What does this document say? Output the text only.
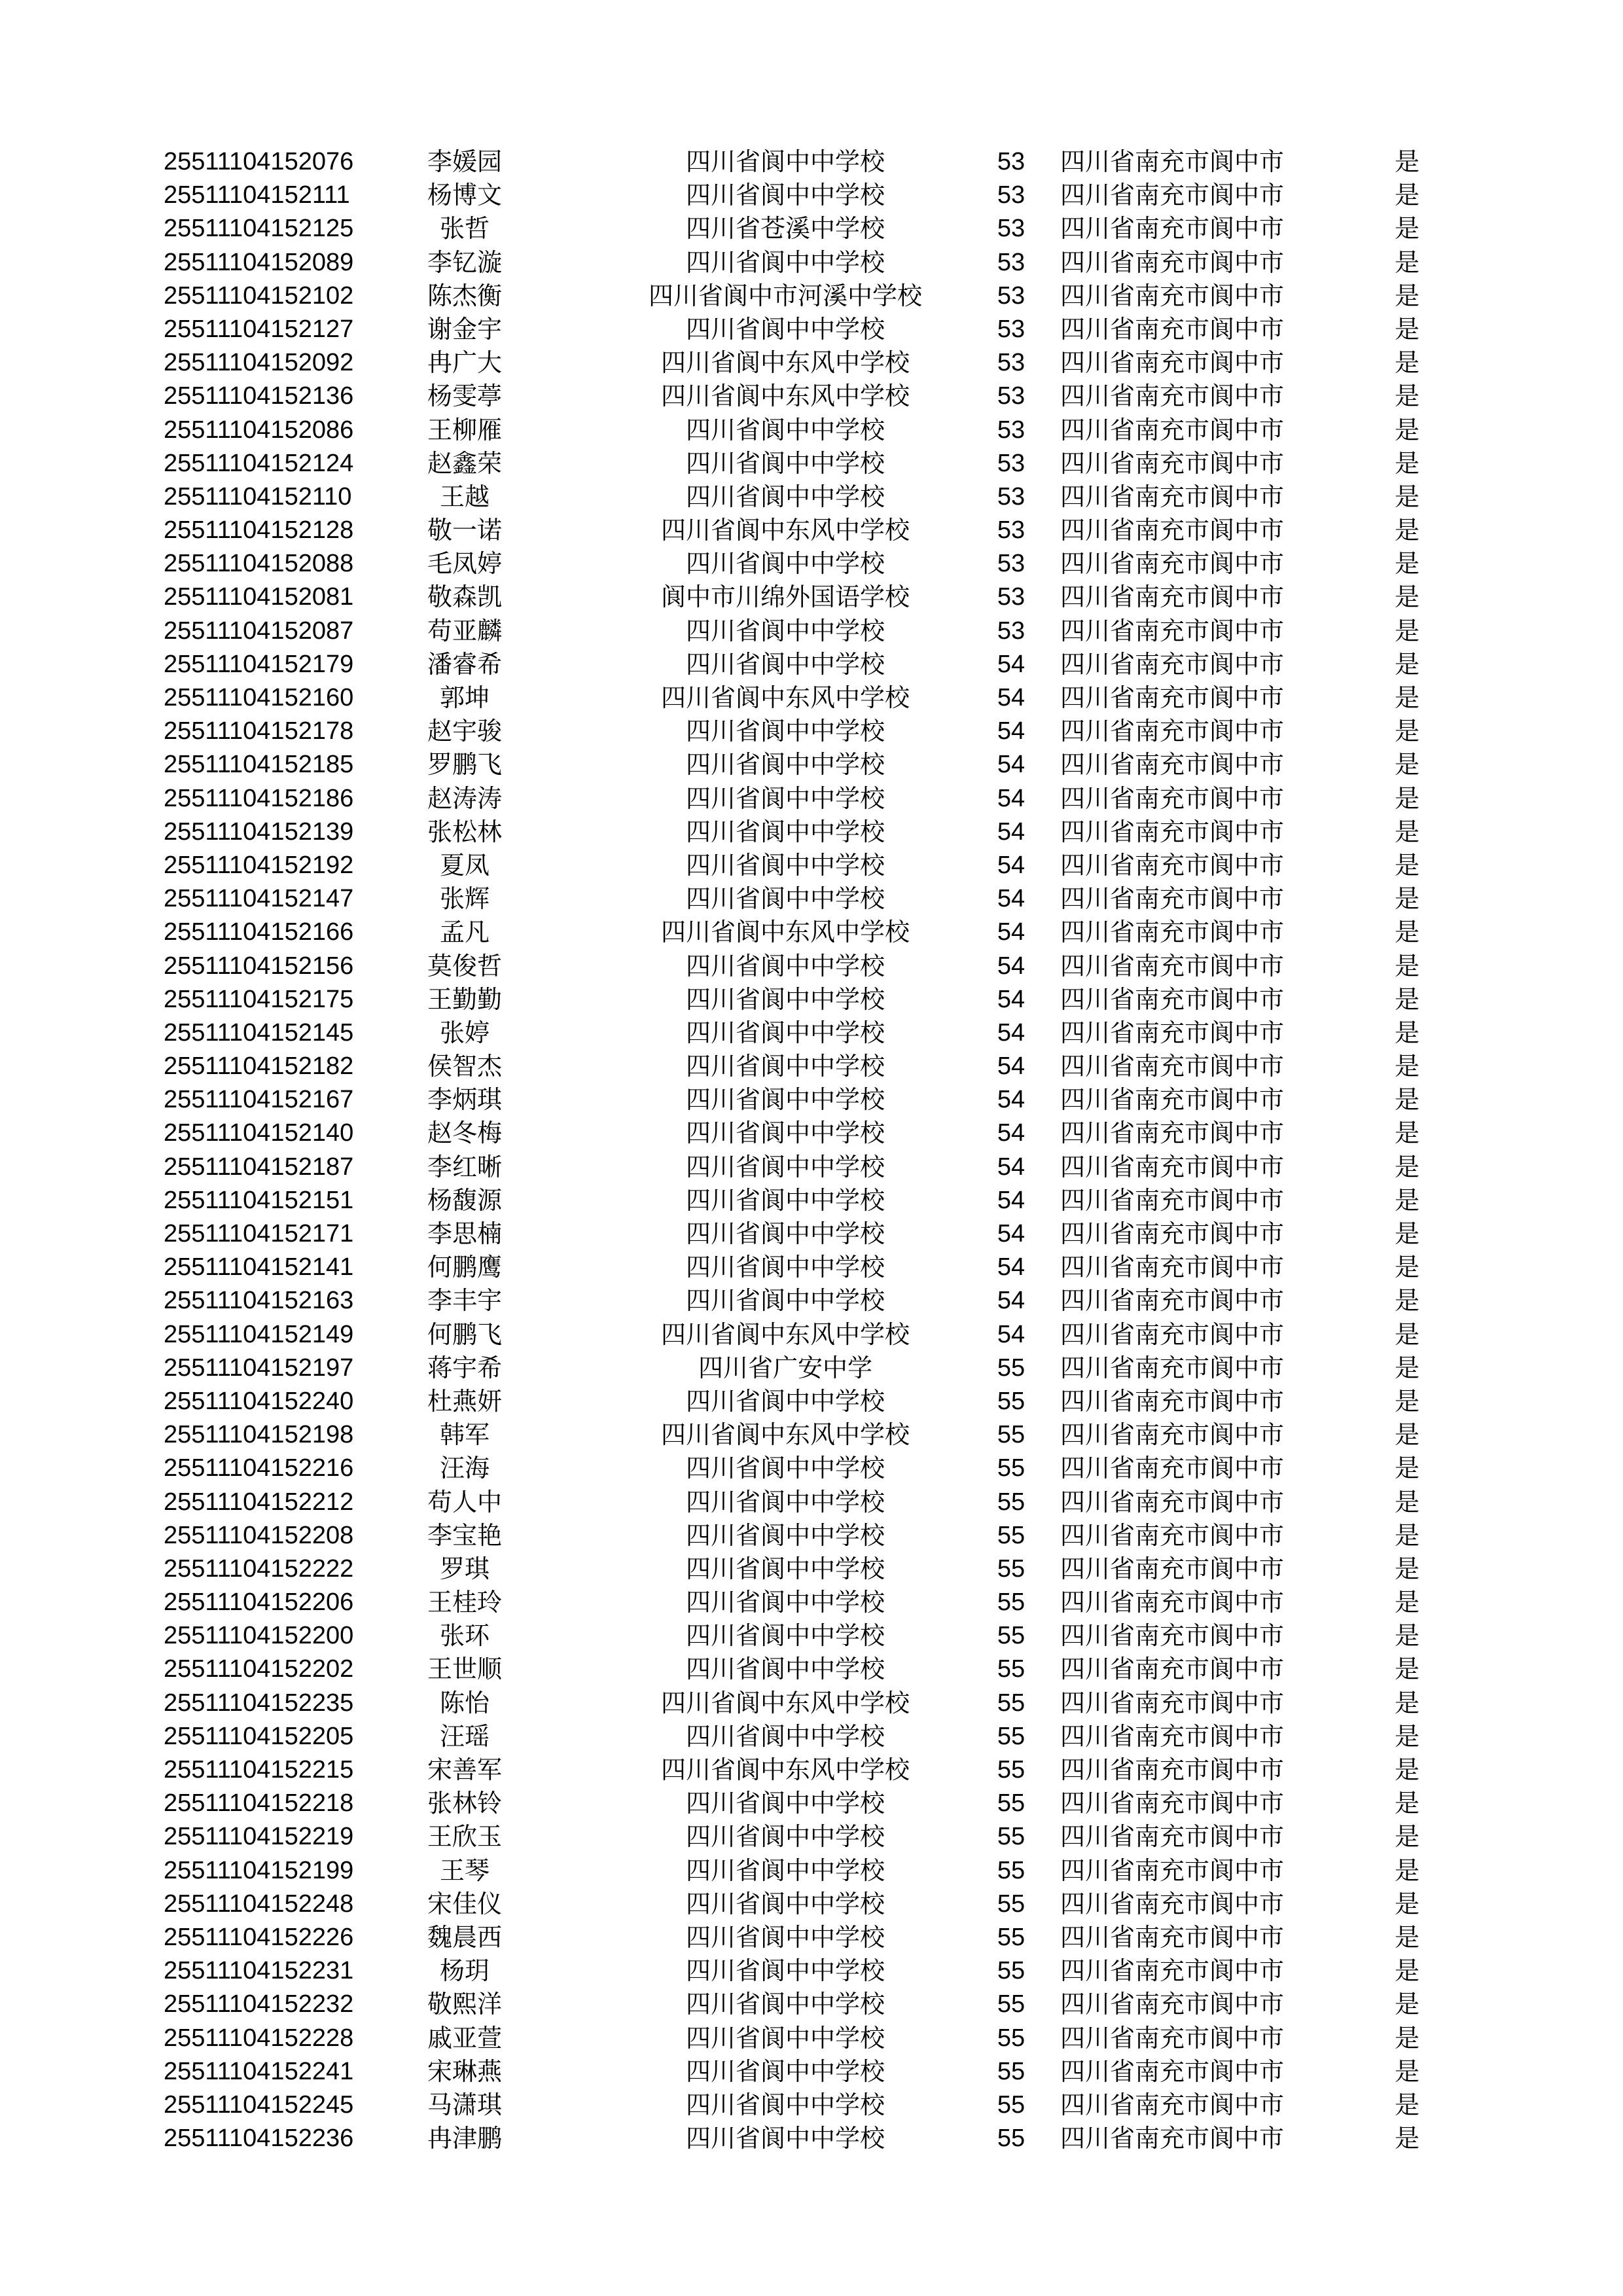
25511104152076	李媛园	四川省阆中中学校	53	四川省南充市阆中市	是
25511104152111	杨博文	四川省阆中中学校	53	四川省南充市阆中市	是
25511104152125	张哲	四川省苍溪中学校	53	四川省南充市阆中市	是
25511104152089	李钇漩	四川省阆中中学校	53	四川省南充市阆中市	是
25511104152102	陈杰衡	四川省阆中市河溪中学校	53	四川省南充市阆中市	是
25511104152127	谢金宇	四川省阆中中学校	53	四川省南充市阆中市	是
25511104152092	冉广大	四川省阆中东风中学校	53	四川省南充市阆中市	是
25511104152136	杨雯葶	四川省阆中东风中学校	53	四川省南充市阆中市	是
25511104152086	王柳雁	四川省阆中中学校	53	四川省南充市阆中市	是
25511104152124	赵鑫荣	四川省阆中中学校	53	四川省南充市阆中市	是
25511104152110	王越	四川省阆中中学校	53	四川省南充市阆中市	是
25511104152128	敬一诺	四川省阆中东风中学校	53	四川省南充市阆中市	是
25511104152088	毛凤婷	四川省阆中中学校	53	四川省南充市阆中市	是
25511104152081	敬森凯	阆中市川绵外国语学校	53	四川省南充市阆中市	是
25511104152087	苟亚麟	四川省阆中中学校	53	四川省南充市阆中市	是
25511104152179	潘睿希	四川省阆中中学校	54	四川省南充市阆中市	是
25511104152160	郭坤	四川省阆中东风中学校	54	四川省南充市阆中市	是
25511104152178	赵宇骏	四川省阆中中学校	54	四川省南充市阆中市	是
25511104152185	罗鹏飞	四川省阆中中学校	54	四川省南充市阆中市	是
25511104152186	赵涛涛	四川省阆中中学校	54	四川省南充市阆中市	是
25511104152139	张松林	四川省阆中中学校	54	四川省南充市阆中市	是
25511104152192	夏凤	四川省阆中中学校	54	四川省南充市阆中市	是
25511104152147	张辉	四川省阆中中学校	54	四川省南充市阆中市	是
25511104152166	孟凡	四川省阆中东风中学校	54	四川省南充市阆中市	是
25511104152156	莫俊哲	四川省阆中中学校	54	四川省南充市阆中市	是
25511104152175	王勤勤	四川省阆中中学校	54	四川省南充市阆中市	是
25511104152145	张婷	四川省阆中中学校	54	四川省南充市阆中市	是
25511104152182	侯智杰	四川省阆中中学校	54	四川省南充市阆中市	是
25511104152167	李炳琪	四川省阆中中学校	54	四川省南充市阆中市	是
25511104152140	赵冬梅	四川省阆中中学校	54	四川省南充市阆中市	是
25511104152187	李红晰	四川省阆中中学校	54	四川省南充市阆中市	是
25511104152151	杨馥源	四川省阆中中学校	54	四川省南充市阆中市	是
25511104152171	李思楠	四川省阆中中学校	54	四川省南充市阆中市	是
25511104152141	何鹏鹰	四川省阆中中学校	54	四川省南充市阆中市	是
25511104152163	李丰宇	四川省阆中中学校	54	四川省南充市阆中市	是
25511104152149	何鹏飞	四川省阆中东风中学校	54	四川省南充市阆中市	是
25511104152197	蒋宇希	四川省广安中学	55	四川省南充市阆中市	是
25511104152240	杜燕妍	四川省阆中中学校	55	四川省南充市阆中市	是
25511104152198	韩军	四川省阆中东风中学校	55	四川省南充市阆中市	是
25511104152216	汪海	四川省阆中中学校	55	四川省南充市阆中市	是
25511104152212	苟人中	四川省阆中中学校	55	四川省南充市阆中市	是
25511104152208	李宝艳	四川省阆中中学校	55	四川省南充市阆中市	是
25511104152222	罗琪	四川省阆中中学校	55	四川省南充市阆中市	是
25511104152206	王桂玲	四川省阆中中学校	55	四川省南充市阆中市	是
25511104152200	张环	四川省阆中中学校	55	四川省南充市阆中市	是
25511104152202	王世顺	四川省阆中中学校	55	四川省南充市阆中市	是
25511104152235	陈怡	四川省阆中东风中学校	55	四川省南充市阆中市	是
25511104152205	汪瑶	四川省阆中中学校	55	四川省南充市阆中市	是
25511104152215	宋善军	四川省阆中东风中学校	55	四川省南充市阆中市	是
25511104152218	张林铃	四川省阆中中学校	55	四川省南充市阆中市	是
25511104152219	王欣玉	四川省阆中中学校	55	四川省南充市阆中市	是
25511104152199	王琴	四川省阆中中学校	55	四川省南充市阆中市	是
25511104152248	宋佳仪	四川省阆中中学校	55	四川省南充市阆中市	是
25511104152226	魏晨西	四川省阆中中学校	55	四川省南充市阆中市	是
25511104152231	杨玥	四川省阆中中学校	55	四川省南充市阆中市	是
25511104152232	敬熙洋	四川省阆中中学校	55	四川省南充市阆中市	是
25511104152228	戚亚萱	四川省阆中中学校	55	四川省南充市阆中市	是
25511104152241	宋琳燕	四川省阆中中学校	55	四川省南充市阆中市	是
25511104152245	马潇琪	四川省阆中中学校	55	四川省南充市阆中市	是
25511104152236	冉津鹏	四川省阆中中学校	55	四川省南充市阆中市	是
